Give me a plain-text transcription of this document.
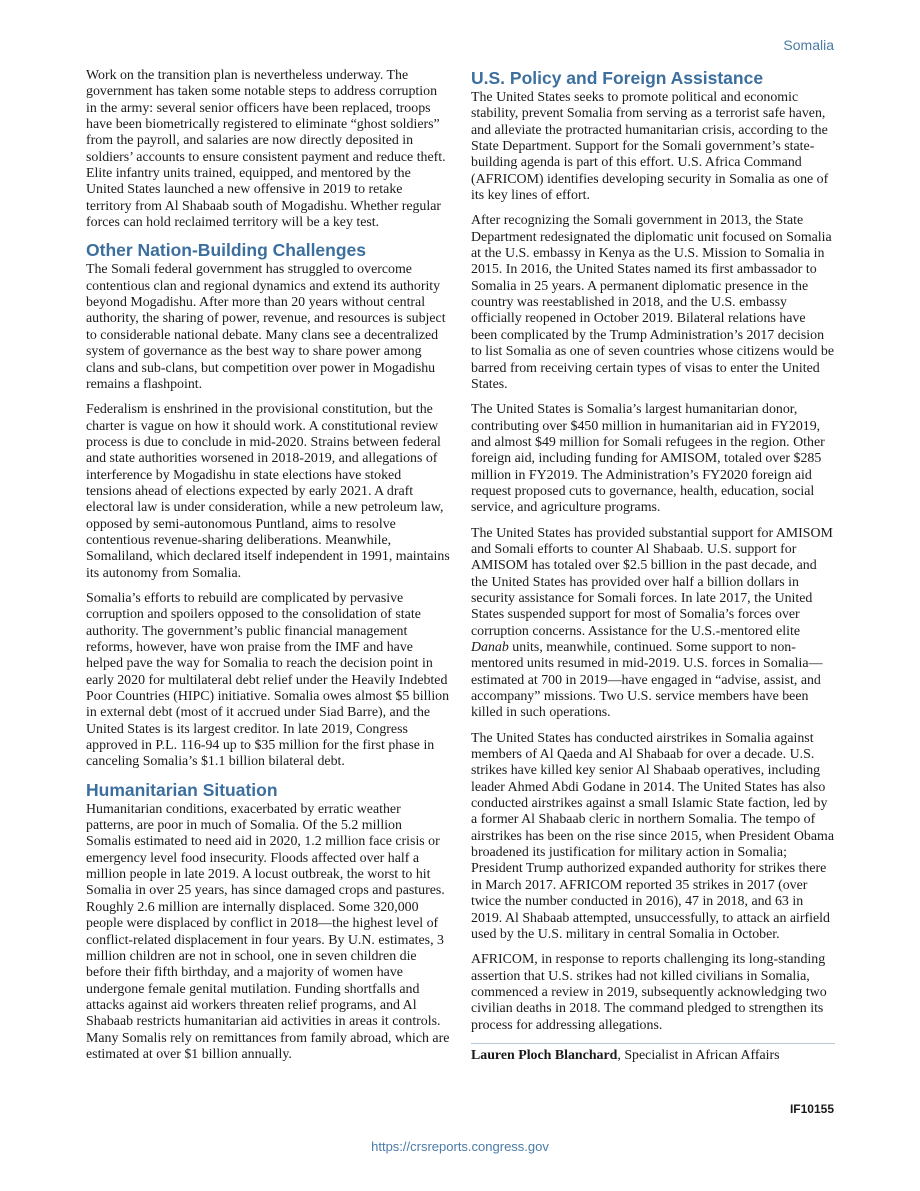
Somalia

Work on the transition plan is nevertheless underway. The government has taken some notable steps to address corruption in the army: several senior officers have been replaced, troops have been biometrically registered to eliminate “ghost soldiers” from the payroll, and salaries are now directly deposited in soldiers’ accounts to ensure consistent payment and reduce theft. Elite infantry units trained, equipped, and mentored by the United States launched a new offensive in 2019 to retake territory from Al Shabaab south of Mogadishu. Whether regular forces can hold reclaimed territory will be a key test.

Other Nation-Building Challenges

The Somali federal government has struggled to overcome contentious clan and regional dynamics and extend its authority beyond Mogadishu. After more than 20 years without central authority, the sharing of power, revenue, and resources is subject to considerable national debate. Many clans see a decentralized system of governance as the best way to share power among clans and sub-clans, but competition over power in Mogadishu remains a flashpoint.

Federalism is enshrined in the provisional constitution, but the charter is vague on how it should work. A constitutional review process is due to conclude in mid-2020. Strains between federal and state authorities worsened in 2018-2019, and allegations of interference by Mogadishu in state elections have stoked tensions ahead of elections expected by early 2021. A draft electoral law is under consideration, while a new petroleum law, opposed by semi-autonomous Puntland, aims to resolve contentious revenue-sharing deliberations. Meanwhile, Somaliland, which declared itself independent in 1991, maintains its autonomy from Somalia.

Somalia’s efforts to rebuild are complicated by pervasive corruption and spoilers opposed to the consolidation of state authority. The government’s public financial management reforms, however, have won praise from the IMF and have helped pave the way for Somalia to reach the decision point in early 2020 for multilateral debt relief under the Heavily Indebted Poor Countries (HIPC) initiative. Somalia owes almost $5 billion in external debt (most of it accrued under Siad Barre), and the United States is its largest creditor. In late 2019, Congress approved in P.L. 116-94 up to $35 million for the first phase in canceling Somalia’s $1.1 billion bilateral debt.

Humanitarian Situation

Humanitarian conditions, exacerbated by erratic weather patterns, are poor in much of Somalia. Of the 5.2 million Somalis estimated to need aid in 2020, 1.2 million face crisis or emergency level food insecurity. Floods affected over half a million people in late 2019. A locust outbreak, the worst to hit Somalia in over 25 years, has since damaged crops and pastures. Roughly 2.6 million are internally displaced. Some 320,000 people were displaced by conflict in 2018—the highest level of conflict-related displacement in four years. By U.N. estimates, 3 million children are not in school, one in seven children die before their fifth birthday, and a majority of women have undergone female genital mutilation. Funding shortfalls and attacks against aid workers threaten relief programs, and Al Shabaab restricts humanitarian aid activities in areas it controls. Many Somalis rely on remittances from family abroad, which are estimated at over $1 billion annually.

U.S. Policy and Foreign Assistance

The United States seeks to promote political and economic stability, prevent Somalia from serving as a terrorist safe haven, and alleviate the protracted humanitarian crisis, according to the State Department. Support for the Somali government’s state-building agenda is part of this effort. U.S. Africa Command (AFRICOM) identifies developing security in Somalia as one of its key lines of effort.

After recognizing the Somali government in 2013, the State Department redesignated the diplomatic unit focused on Somalia at the U.S. embassy in Kenya as the U.S. Mission to Somalia in 2015. In 2016, the United States named its first ambassador to Somalia in 25 years. A permanent diplomatic presence in the country was reestablished in 2018, and the U.S. embassy officially reopened in October 2019. Bilateral relations have been complicated by the Trump Administration’s 2017 decision to list Somalia as one of seven countries whose citizens would be barred from receiving certain types of visas to enter the United States.

The United States is Somalia’s largest humanitarian donor, contributing over $450 million in humanitarian aid in FY2019, and almost $49 million for Somali refugees in the region. Other foreign aid, including funding for AMISOM, totaled over $285 million in FY2019. The Administration’s FY2020 foreign aid request proposed cuts to governance, health, education, social service, and agriculture programs.

The United States has provided substantial support for AMISOM and Somali efforts to counter Al Shabaab. U.S. support for AMISOM has totaled over $2.5 billion in the past decade, and the United States has provided over half a billion dollars in security assistance for Somali forces. In late 2017, the United States suspended support for most of Somalia’s forces over corruption concerns. Assistance for the U.S.-mentored elite Danab units, meanwhile, continued. Some support to non-mentored units resumed in mid-2019. U.S. forces in Somalia—estimated at 700 in 2019—have engaged in “advise, assist, and accompany” missions. Two U.S. service members have been killed in such operations.

The United States has conducted airstrikes in Somalia against members of Al Qaeda and Al Shabaab for over a decade. U.S. strikes have killed key senior Al Shabaab operatives, including leader Ahmed Abdi Godane in 2014. The United States has also conducted airstrikes against a small Islamic State faction, led by a former Al Shabaab cleric in northern Somalia. The tempo of airstrikes has been on the rise since 2015, when President Obama broadened its justification for military action in Somalia; President Trump authorized expanded authority for strikes there in March 2017. AFRICOM reported 35 strikes in 2017 (over twice the number conducted in 2016), 47 in 2018, and 63 in 2019. Al Shabaab attempted, unsuccessfully, to attack an airfield used by the U.S. military in central Somalia in October.

AFRICOM, in response to reports challenging its long-standing assertion that U.S. strikes had not killed civilians in Somalia, commenced a review in 2019, subsequently acknowledging two civilian deaths in 2018. The command pledged to strengthen its process for addressing allegations.

Lauren Ploch Blanchard, Specialist in African Affairs

IF10155
https://crsreports.congress.gov
